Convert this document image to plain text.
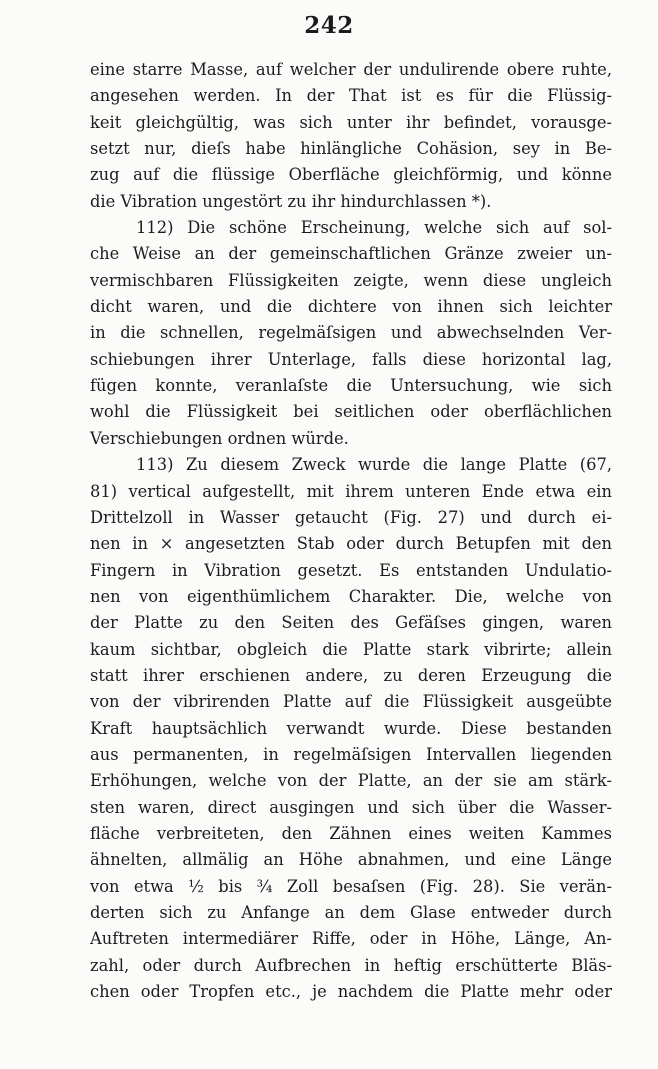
242
eine starre Masse, auf welcher der undulirende obere ruhte,
angesehen werden. In der That ist es für die Flüssig-
keit gleichgültig, was sich unter ihr befindet, vorausge-
setzt nur, dieſs habe hinlängliche Cohäsion, sey in Be-
zug auf die flüssige Oberfläche gleichförmig, und könne
die Vibration ungestört zu ihr hindurchlassen *).
112) Die schöne Erscheinung, welche sich auf sol-
che Weise an der gemeinschaftlichen Gränze zweier un-
vermischbaren Flüssigkeiten zeigte, wenn diese ungleich
dicht waren, und die dichtere von ihnen sich leichter
in die schnellen, regelmäſsigen und abwechselnden Ver-
schiebungen ihrer Unterlage, falls diese horizontal lag,
fügen konnte, veranlaſste die Untersuchung, wie sich
wohl die Flüssigkeit bei seitlichen oder oberflächlichen
Verschiebungen ordnen würde.
113) Zu diesem Zweck wurde die lange Platte (67,
81) vertical aufgestellt, mit ihrem unteren Ende etwa ein
Drittelzoll in Wasser getaucht (Fig. 27) und durch ei-
nen in × angesetzten Stab oder durch Betupfen mit den
Fingern in Vibration gesetzt. Es entstanden Undulatio-
nen von eigenthümlichem Charakter. Die, welche von
der Platte zu den Seiten des Gefäſses gingen, waren
kaum sichtbar, obgleich die Platte stark vibrirte; allein
statt ihrer erschienen andere, zu deren Erzeugung die
von der vibrirenden Platte auf die Flüssigkeit ausgeübte
Kraft hauptsächlich verwandt wurde. Diese bestanden
aus permanenten, in regelmäſsigen Intervallen liegenden
Erhöhungen, welche von der Platte, an der sie am stärk-
sten waren, direct ausgingen und sich über die Wasser-
fläche verbreiteten, den Zähnen eines weiten Kammes
ähnelten, allmälig an Höhe abnahmen, und eine Länge
von etwa ½ bis ¾ Zoll besaſsen (Fig. 28). Sie verän-
derten sich zu Anfange an dem Glase entweder durch
Auftreten intermediärer Riffe, oder in Höhe, Länge, An-
zahl, oder durch Aufbrechen in heftig erschütterte Bläs-
chen oder Tropfen etc., je nachdem die Platte mehr oder
